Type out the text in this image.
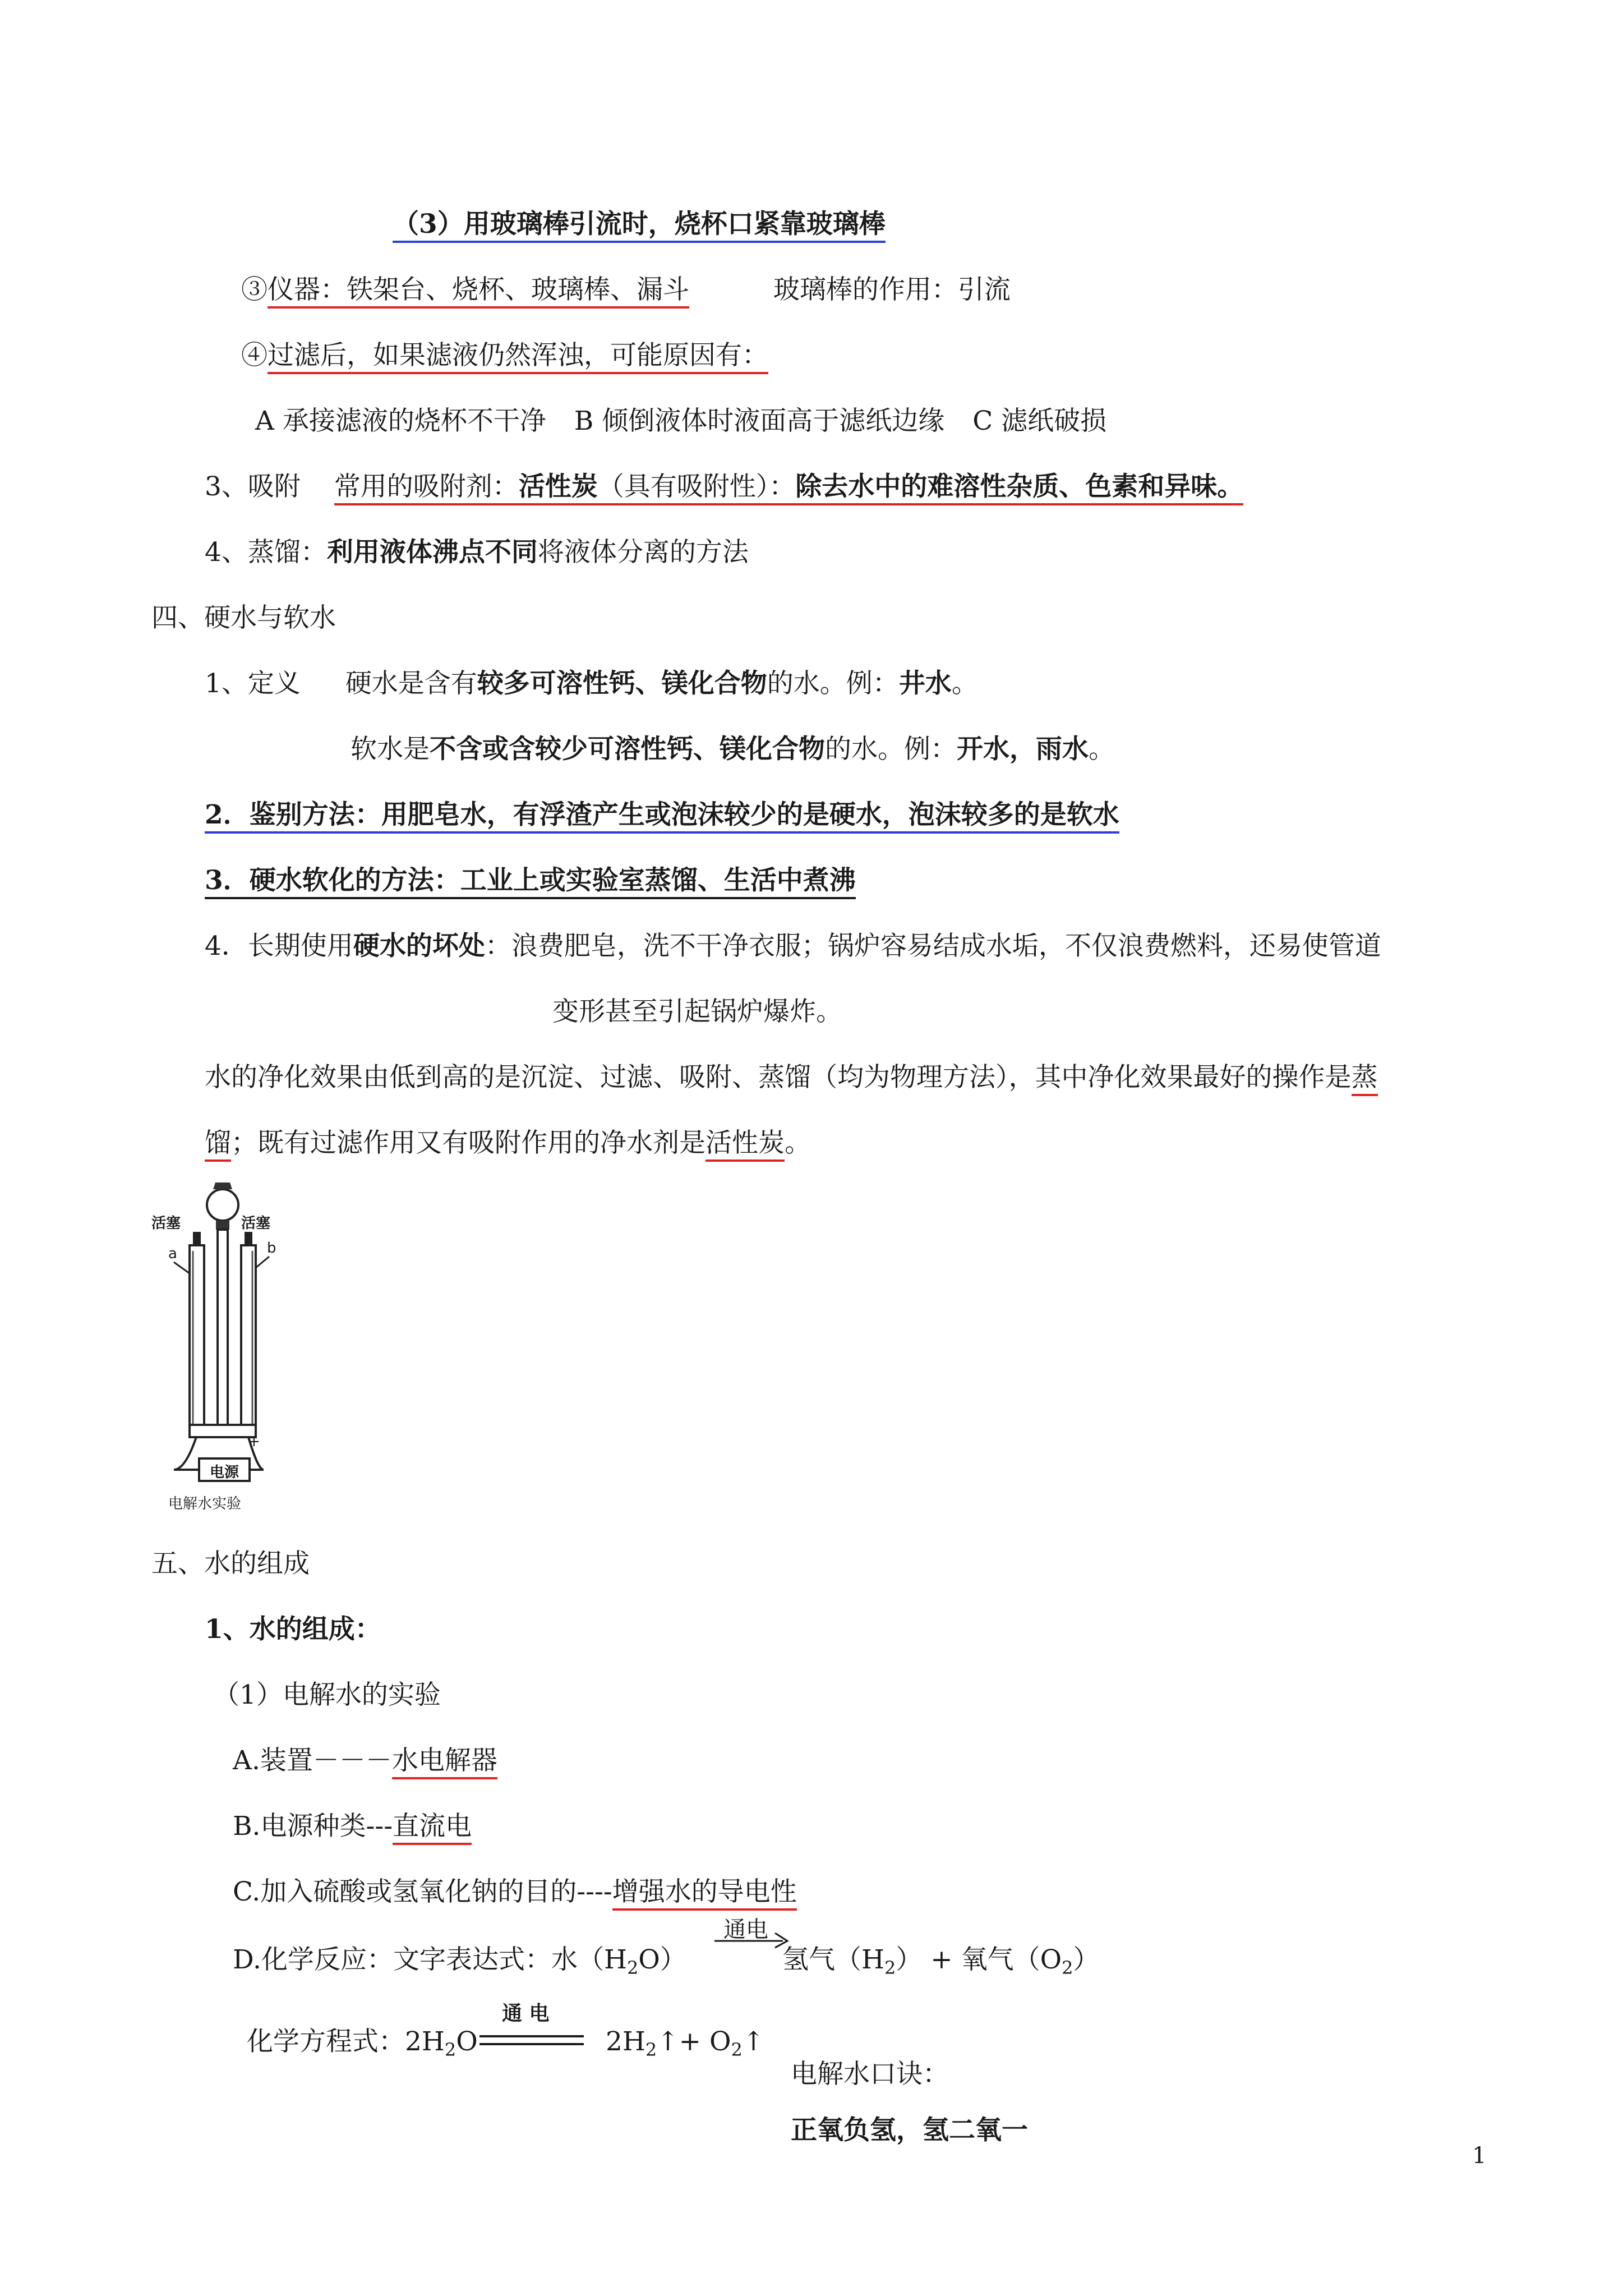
（3）用玻璃棒引流时，烧杯口紧靠玻璃棒
③仪器：铁架台、烧杯、玻璃棒、漏斗	玻璃棒的作用：引流
④过滤后，如果滤液仍然浑浊，可能原因有：
A 承接滤液的烧杯不干净 B 倾倒液体时液面高于滤纸边缘 C 滤纸破损
3、吸附 常用的吸附剂：活性炭（具有吸附性）：除去水中的难溶性杂质、色素和异味。
4、蒸馏：利用液体沸点不同将液体分离的方法
四、硬水与软水
1、定义 硬水是含有较多可溶性钙、镁化合物的水。例：井水。
软水是不含或含较少可溶性钙、镁化合物的水。例：开水，雨水。
2．鉴别方法：用肥皂水，有浮渣产生或泡沫较少的是硬水，泡沫较多的是软水
3．硬水软化的方法：工业上或实验室蒸馏、生活中煮沸
4．长期使用硬水的坏处：浪费肥皂，洗不干净衣服；锅炉容易结成水垢，不仅浪费燃料，还易使管道
变形甚至引起锅炉爆炸。
水的净化效果由低到高的是沉淀、过滤、吸附、蒸馏（均为物理方法），其中净化效果最好的操作是蒸
馏；既有过滤作用又有吸附作用的净水剂是活性炭。
活塞	活塞
a	b
+
电源
电解水实验
五、水的组成
1、水的组成：
（1）电解水的实验
A.装置－－－水电解器
B.电源种类---直流电
C.加入硫酸或氢氧化钠的目的----增强水的导电性
通电
D.化学反应：文字表达式：水$(H_2O)$	氢气$(H_2)$ + 氧气$(O_2)$
化学方程式：$2H_2O$
通 电
$2H_2↑+$ $O_2↑$
电解水口诀：
正氧负氢，氢二氧一
1
